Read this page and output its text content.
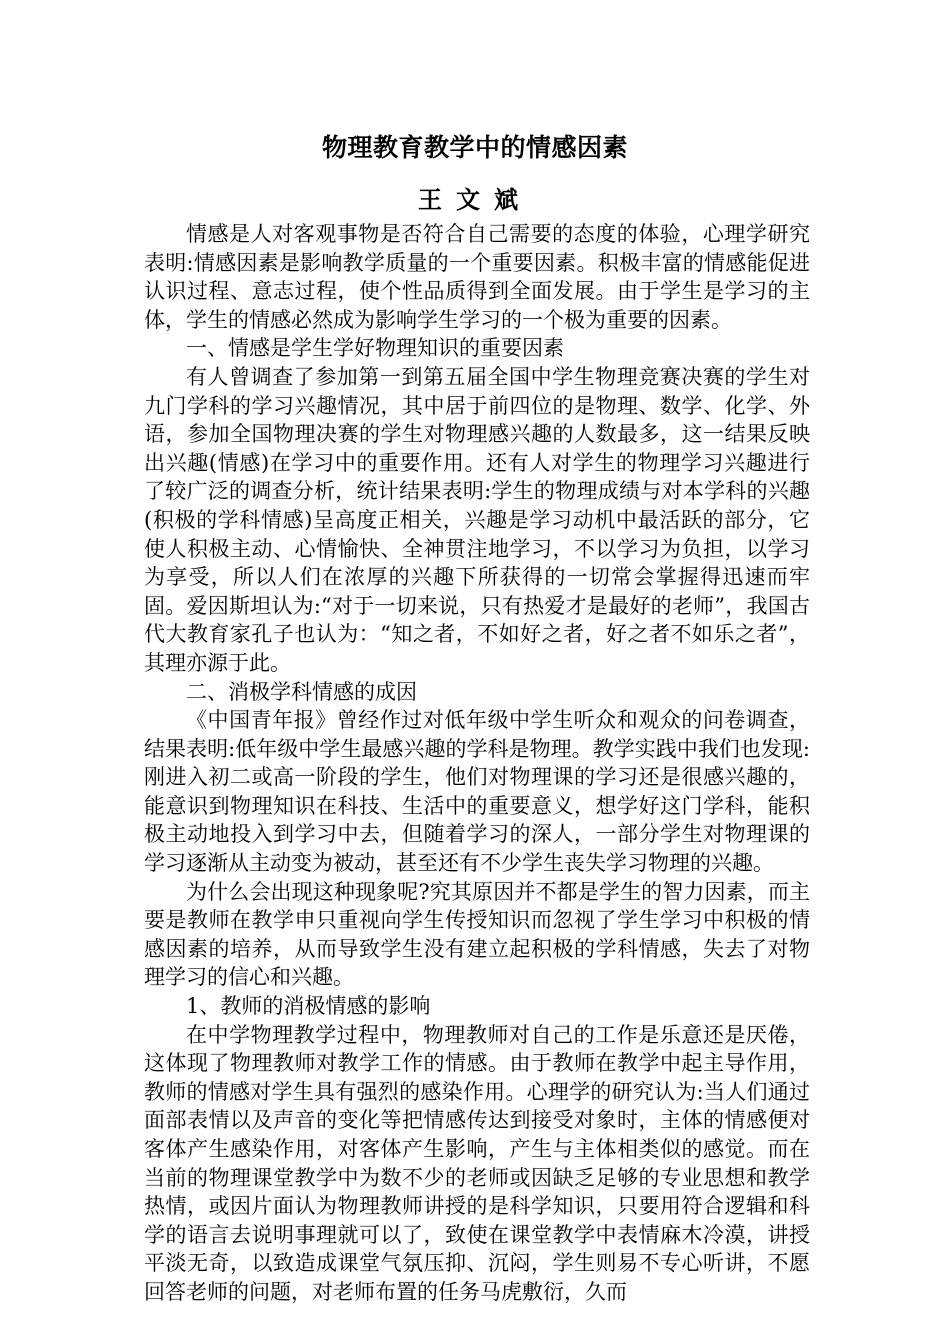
物理教育教学中的情感因素
王文斌

情感是人对客观事物是否符合自己需要的态度的体验，心理学研究表明:情感因素是影响教学质量的一个重要因素。积极丰富的情感能促进认识过程、意志过程，使个性品质得到全面发展。由于学生是学习的主体，学生的情感必然成为影响学生学习的一个极为重要的因素。

一、情感是学生学好物理知识的重要因素

有人曾调查了参加第一到第五届全国中学生物理竞赛决赛的学生对九门学科的学习兴趣情况，其中居于前四位的是物理、数学、化学、外语，参加全国物理决赛的学生对物理感兴趣的人数最多，这一结果反映出兴趣(情感)在学习中的重要作用。还有人对学生的物理学习兴趣进行了较广泛的调查分析，统计结果表明:学生的物理成绩与对本学科的兴趣(积极的学科情感)呈高度正相关，兴趣是学习动机中最活跃的部分，它使人积极主动、心情愉快、全神贯注地学习，不以学习为负担，以学习为享受，所以人们在浓厚的兴趣下所获得的一切常会掌握得迅速而牢固。爱因斯坦认为:“对于一切来说，只有热爱才是最好的老师”，我国古代大教育家孔子也认为：“知之者，不如好之者，好之者不如乐之者”，其理亦源于此。

二、消极学科情感的成因

《中国青年报》曾经作过对低年级中学生听众和观众的问卷调查，结果表明:低年级中学生最感兴趣的学科是物理。教学实践中我们也发现:刚进入初二或高一阶段的学生，他们对物理课的学习还是很感兴趣的，能意识到物理知识在科技、生活中的重要意义，想学好这门学科，能积极主动地投入到学习中去，但随着学习的深人，一部分学生对物理课的学习逐渐从主动变为被动，甚至还有不少学生丧失学习物理的兴趣。

为什么会出现这种现象呢?究其原因并不都是学生的智力因素，而主要是教师在教学申只重视向学生传授知识而忽视了学生学习中积极的情感因素的培养，从而导致学生没有建立起积极的学科情感，失去了对物理学习的信心和兴趣。

1、教师的消极情感的影响

在中学物理教学过程中，物理教师对自己的工作是乐意还是厌倦，这体现了物理教师对教学工作的情感。由于教师在教学中起主导作用，教师的情感对学生具有强烈的感染作用。心理学的研究认为:当人们通过面部表情以及声音的变化等把情感传达到接受对象时，主体的情感便对客体产生感染作用，对客体产生影响，产生与主体相类似的感觉。而在当前的物理课堂教学中为数不少的老师或因缺乏足够的专业思想和教学热情，或因片面认为物理教师讲授的是科学知识，只要用符合逻辑和科学的语言去说明事理就可以了，致使在课堂教学中表情麻木冷漠，讲授平淡无奇，以致造成课堂气氛压抑、沉闷，学生则易不专心听讲，不愿回答老师的问题，对老师布置的任务马虎敷衍，久而
